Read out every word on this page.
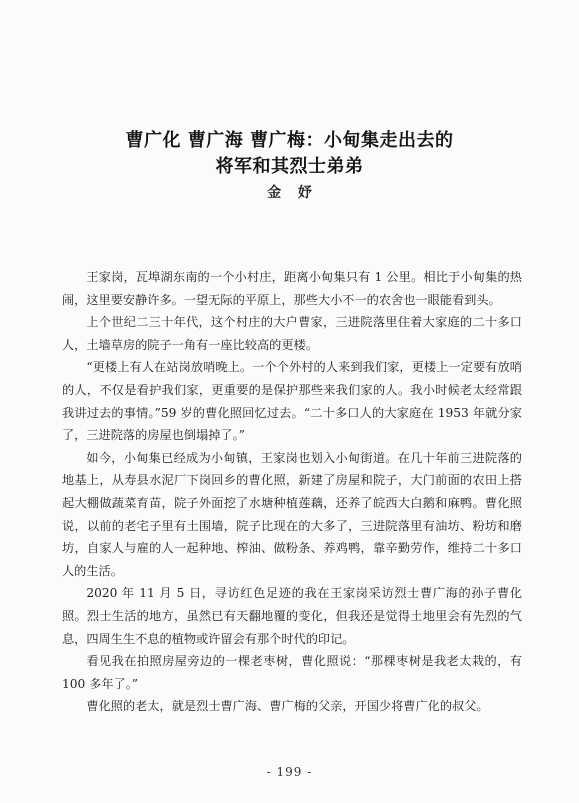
曹广化 曹广海 曹广梅：小甸集走出去的
将军和其烈士弟弟
金 妤

王家岗，瓦埠湖东南的一个小村庄，距离小甸集只有 1 公里。相比于小甸集的热闹，这里要安静许多。一望无际的平原上，那些大小不一的农舍也一眼能看到头。

上个世纪二三十年代，这个村庄的大户曹家，三进院落里住着大家庭的二十多口人，土墙草房的院子一角有一座比较高的更楼。

“更楼上有人在站岗放哨晚上。一个个外村的人来到我们家，更楼上一定要有放哨的人，不仅是看护我们家，更重要的是保护那些来我们家的人。我小时候老太经常跟我讲过去的事情。”59 岁的曹化照回忆过去。“二十多口人的大家庭在 1953 年就分家了，三进院落的房屋也倒塌掉了。”

如今，小甸集已经成为小甸镇，王家岗也划入小甸街道。在几十年前三进院落的地基上，从寿县水泥厂下岗回乡的曹化照，新建了房屋和院子，大门前面的农田上搭起大棚做蔬菜育苗，院子外面挖了水塘种植莲藕，还养了皖西大白鹅和麻鸭。曹化照说，以前的老宅子里有土围墙，院子比现在的大多了，三进院落里有油坊、粉坊和磨坊，自家人与雇的人一起种地、榨油、做粉条、养鸡鸭，靠辛勤劳作，维持二十多口人的生活。

2020 年 11 月 5 日，寻访红色足迹的我在王家岗采访烈士曹广海的孙子曹化照。烈士生活的地方，虽然已有天翻地覆的变化，但我还是觉得土地里会有先烈的气息，四周生生不息的植物或许留会有那个时代的印记。

看见我在拍照房屋旁边的一棵老枣树，曹化照说：“那棵枣树是我老太栽的，有 100 多年了。”

曹化照的老太，就是烈士曹广海、曹广梅的父亲，开国少将曹广化的叔父。

- 199 -
